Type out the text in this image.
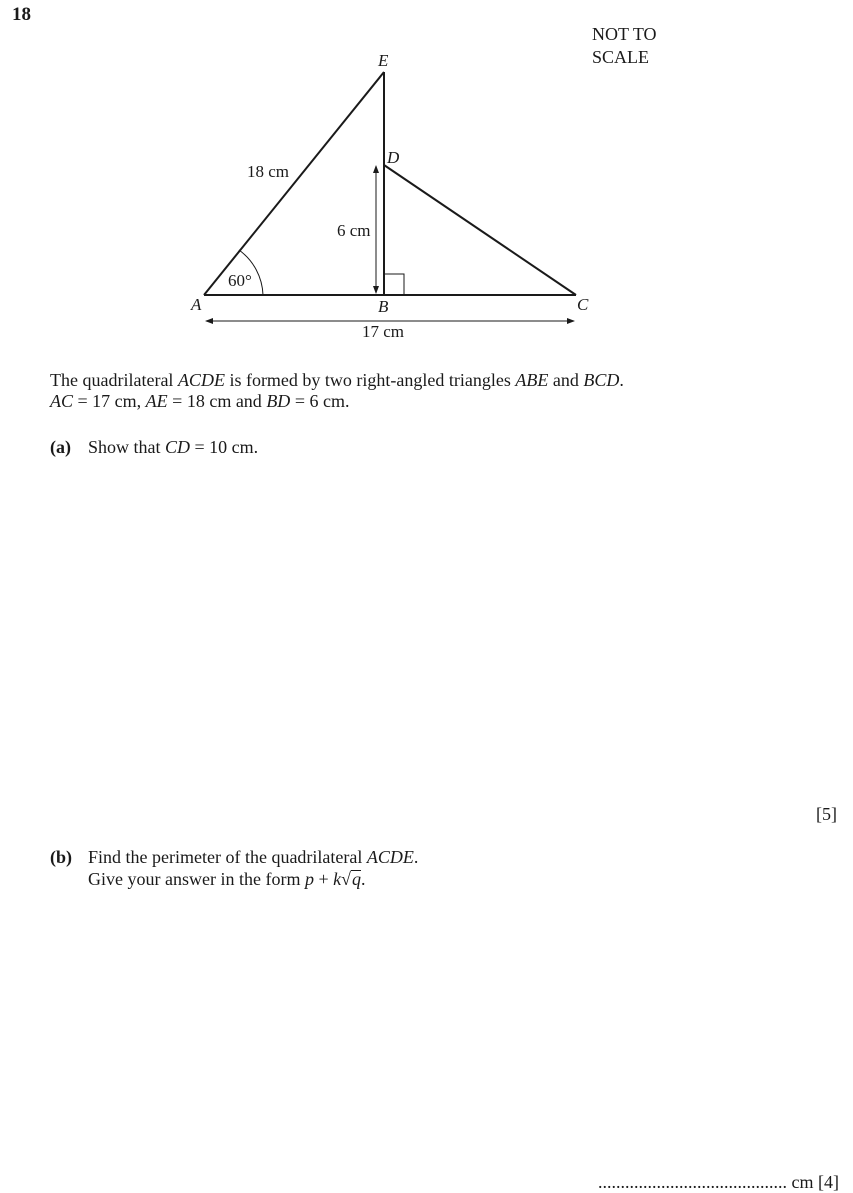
18
NOT TO
SCALE
E
D
A	B	C
18 cm
6 cm
17 cm
60°
The quadrilateral ACDE is formed by two right-angled triangles ABE and BCD.
AC = 17 cm, AE = 18 cm and BD = 6 cm.
(a) Show that CD = 10 cm.
[5]
(b) Find the perimeter of the quadrilateral ACDE.
Give your answer in the form p + k√q.
.......................................... cm [4]
